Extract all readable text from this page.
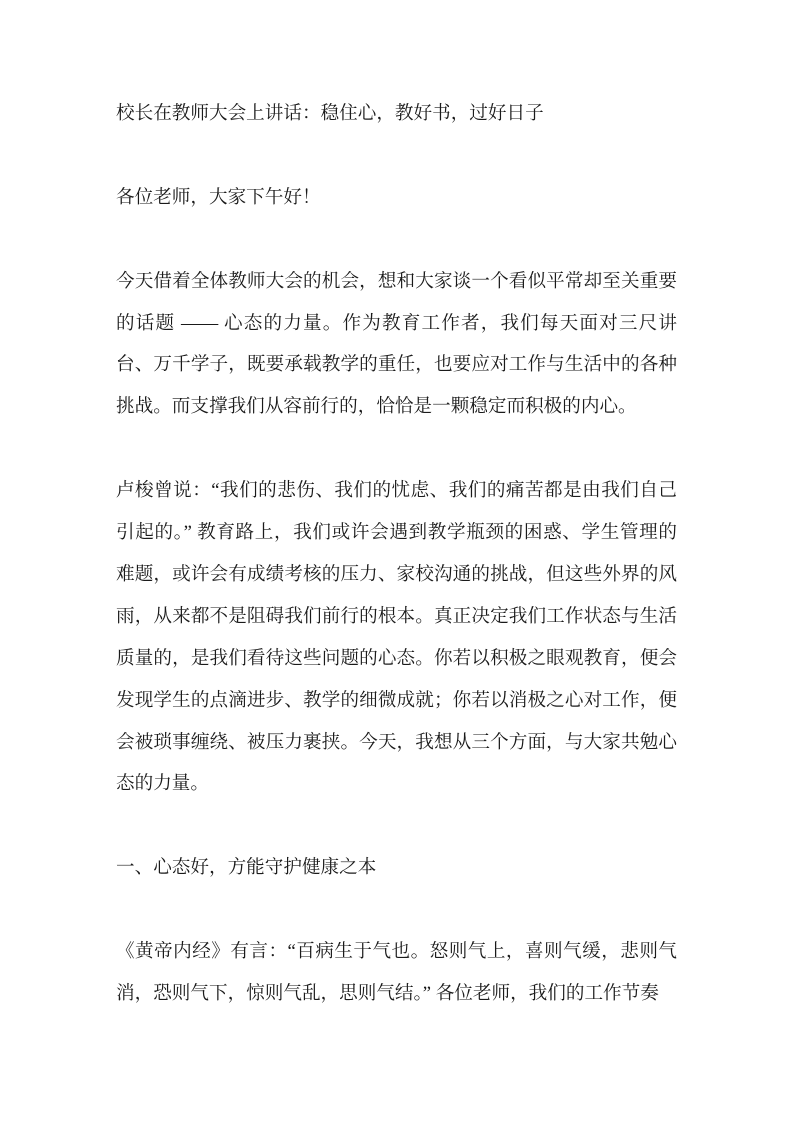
校长在教师大会上讲话：稳住心，教好书，过好日子

各位老师，大家下午好！

今天借着全体教师大会的机会，想和大家谈一个看似平常却至关重要的话题 —— 心态的力量。作为教育工作者，我们每天面对三尺讲台、万千学子，既要承载教学的重任，也要应对工作与生活中的各种挑战。而支撑我们从容前行的，恰恰是一颗稳定而积极的内心。

卢梭曾说：“我们的悲伤、我们的忧虑、我们的痛苦都是由我们自己引起的。” 教育路上，我们或许会遇到教学瓶颈的困惑、学生管理的难题，或许会有成绩考核的压力、家校沟通的挑战，但这些外界的风雨，从来都不是阻碍我们前行的根本。真正决定我们工作状态与生活质量的，是我们看待这些问题的心态。你若以积极之眼观教育，便会发现学生的点滴进步、教学的细微成就；你若以消极之心对工作，便会被琐事缠绕、被压力裹挟。今天，我想从三个方面，与大家共勉心态的力量。

一、心态好，方能守护健康之本

《黄帝内经》有言：“百病生于气也。怒则气上，喜则气缓，悲则气消，恐则气下，惊则气乱，思则气结。” 各位老师，我们的工作节奏
